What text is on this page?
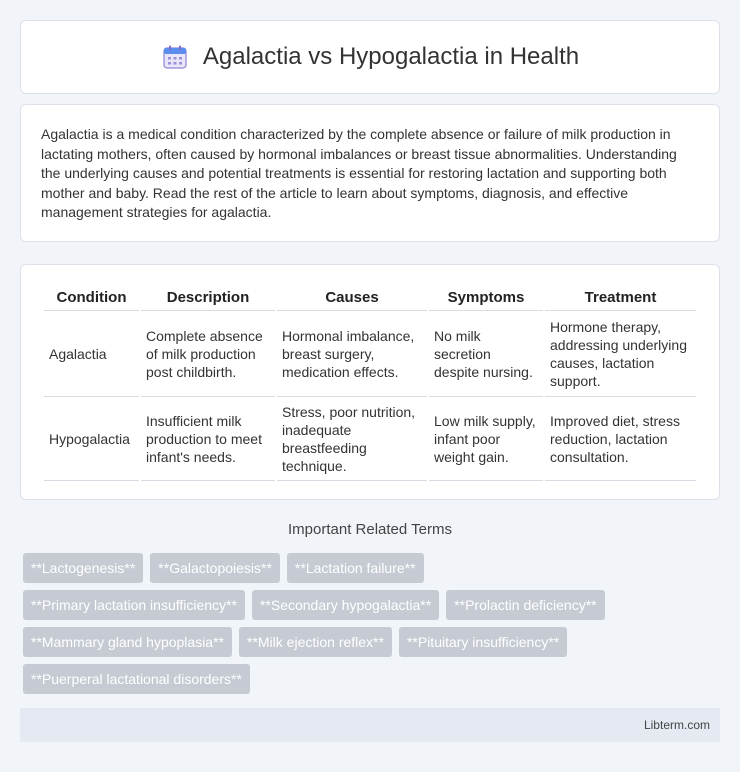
Agalactia vs Hypogalactia in Health

Agalactia is a medical condition characterized by the complete absence or failure of milk production in lactating mothers, often caused by hormonal imbalances or breast tissue abnormalities. Understanding the underlying causes and potential treatments is essential for restoring lactation and supporting both mother and baby. Read the rest of the article to learn about symptoms, diagnosis, and effective management strategies for agalactia.

Condition	Description	Causes	Symptoms	Treatment
Agalactia	Complete absence of milk production post childbirth.	Hormonal imbalance, breast surgery, medication effects.	No milk secretion despite nursing.	Hormone therapy, addressing underlying causes, lactation support.
Hypogalactia	Insufficient milk production to meet infant's needs.	Stress, poor nutrition, inadequate breastfeeding technique.	Low milk supply, infant poor weight gain.	Improved diet, stress reduction, lactation consultation.
Important Related Terms
**Lactogenesis**	**Galactopoiesis**	**Lactation failure**
**Primary lactation insufficiency**	**Secondary hypogalactia**	**Prolactin deficiency**
**Mammary gland hypoplasia**	**Milk ejection reflex**	**Pituitary insufficiency**
**Puerperal lactational disorders**
Libterm.com
